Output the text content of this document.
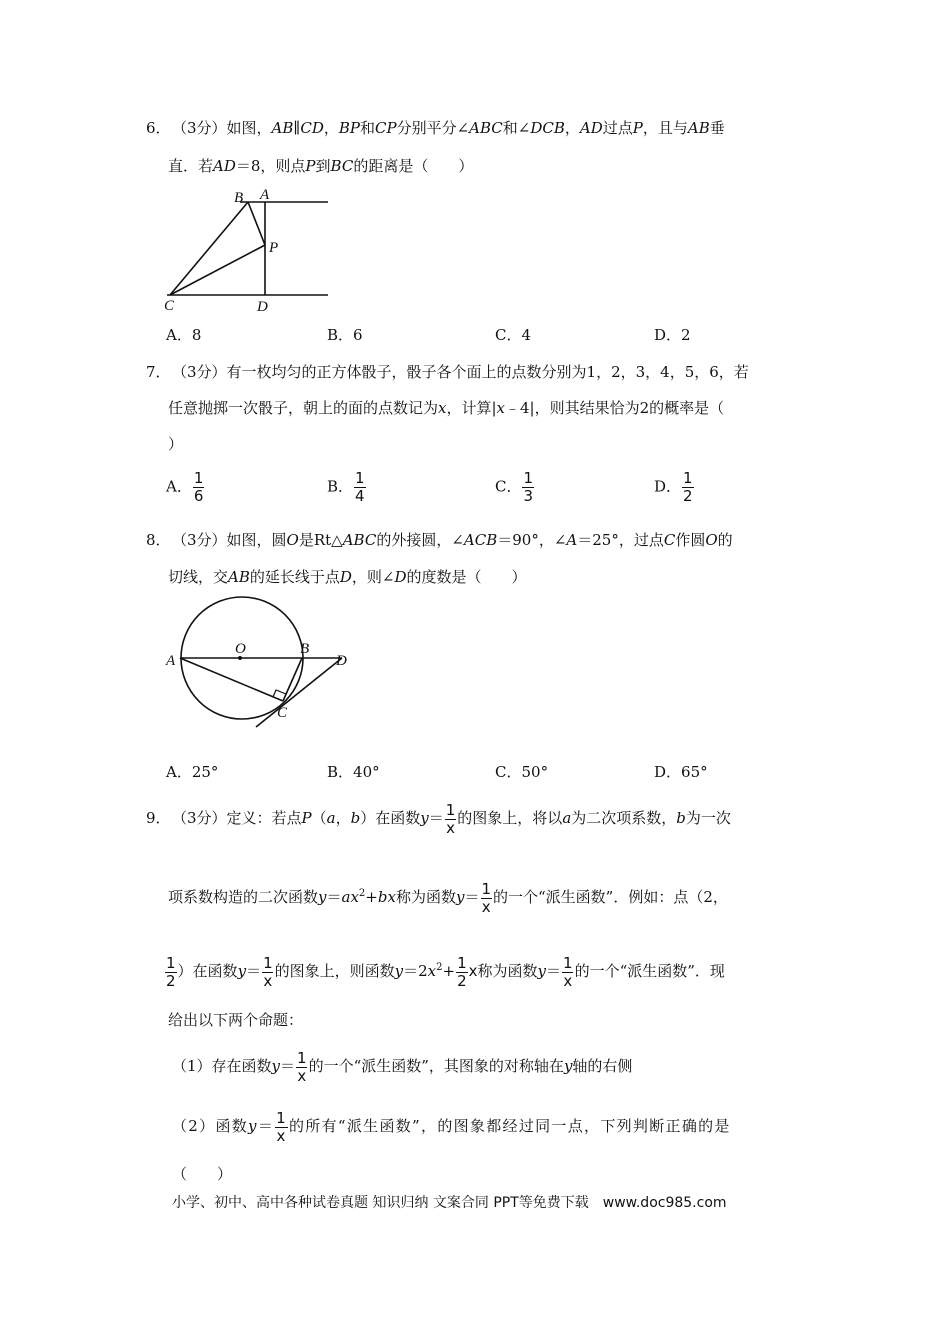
6． （3分）如图，AB∥CD，BP和CP分别平分∠ABC和∠DCB，AD过点P，且与AB垂
直．若AD＝8，则点P到BC的距离是（　　）
B A
P
C	D
A．8	B．6	C．4	D．2
7． （3分）有一枚均匀的正方体骰子，骰子各个面上的点数分别为1，2，3，4，5，6，若
任意抛掷一次骰子，朝上的面的点数记为x，计算|x﹣4|，则其结果恰为2的概率是（
）
A． $\frac{1}{6}$	B． $\frac{1}{4}$	C． $\frac{1}{3}$	D． $\frac{1}{2}$
8． （3分）如图，圆O是Rt△ABC的外接圆，∠ACB＝90°，∠A＝25°，过点C作圆O的
切线，交AB的延长线于点D，则∠D的度数是（　　）
A
O	B
D
C
A．25°	B．40°	C．50°	D．65°
9． （3分）定义：若点P（a，b）在函数$y= \frac{1}{x}$ 的图象上，将以a为二次项系数，b为一次
项系数构造的二次函数$y=ax^2+bx$称为函数$y= \frac{1}{x}$ 的一个“派生函数”．例如：点（2，
$\frac{1}{2}$ ）在函数$y= \frac{1}{x}$ 的图象上，则函数$y=2x^2+ \frac{1}{2}$ x称为函数$y= \frac{1}{x}$ 的一个“派生函数”．现
给出以下两个命题：
（1）存在函数$y= \frac{1}{x}$ 的一个“派生函数”，其图象的对称轴在y轴的右侧
（2）函数$y= \frac{1}{x}$ 的所有“派生函数”，的图象都经过同一点，下列判断正确的是
（　　）
小学、初中、高中各种试卷真题 知识归纳 文案合同 PPT等免费下载　www.doc985.com
